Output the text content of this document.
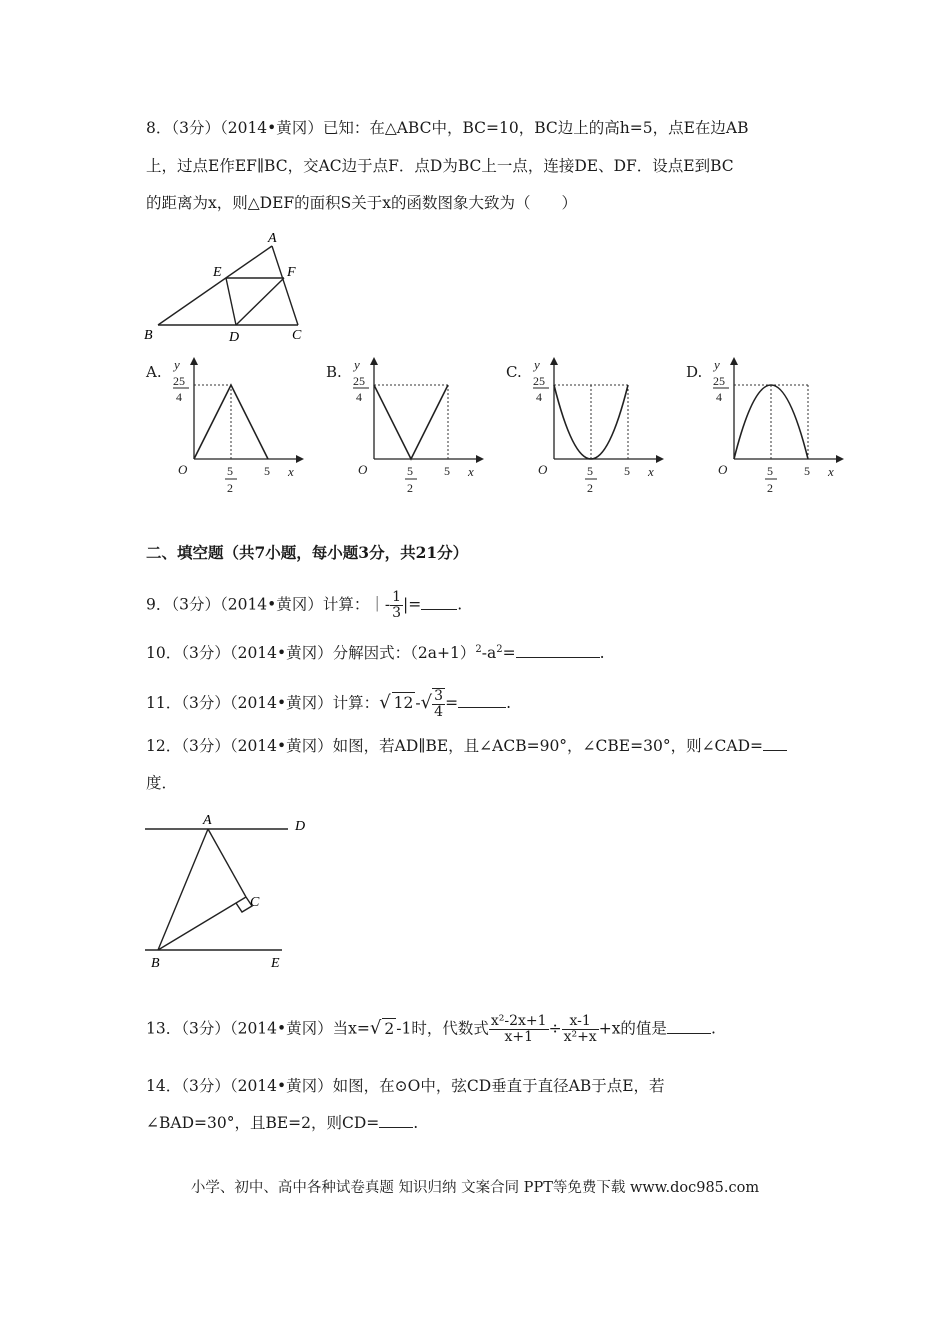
8．（3分）（2014•黄冈）已知：在△ABC中，BC=10，BC边上的高h=5，点E在边AB
上，过点E作EF∥BC，交AC边于点F．点D为BC上一点，连接DE、DF．设点E到BC
的距离为x，则△DEF的面积S关于x的函数图象大致为（　　）
A
E	F
B	D	C
A.	B.	C.	D.
y
x
O
25
4
5
2
5
y
x
O
25
4
5
2
5
y
x
O
25
4
5
2
5
y
x
O
25
4
5
2
5
二、填空题（共7小题，每小题3分，共21分）
9．（3分）（2014•黄冈）计算：｜- $\frac{1}{3}$ |= .
10．（3分）（2014•黄冈）分解因式：$(2a+1)^2-a^2=$	.
11．（3分）（2014•黄冈）计算：√ 12 -√ $\frac{3}{4}$ =	.
12．（3分）（2014•黄冈）如图，若AD∥BE，且∠ACB=90°，∠CBE=30°，则∠CAD=
度．
A	D
C
B	E
13．（3分）（2014•黄冈）当x=√ 2 -1时，代数式 $\frac{\text{x²-2x+1}}{x+1} \div \frac{x-1}{\text{x²+x}} +x$的值是	.
14．（3分）（2014•黄冈）如图，在⊙O中，弦CD垂直于直径AB于点E，若
∠BAD=30°，且BE=2，则CD= .
小学、初中、高中各种试卷真题 知识归纳 文案合同 PPT等免费下载 www.doc985.com
